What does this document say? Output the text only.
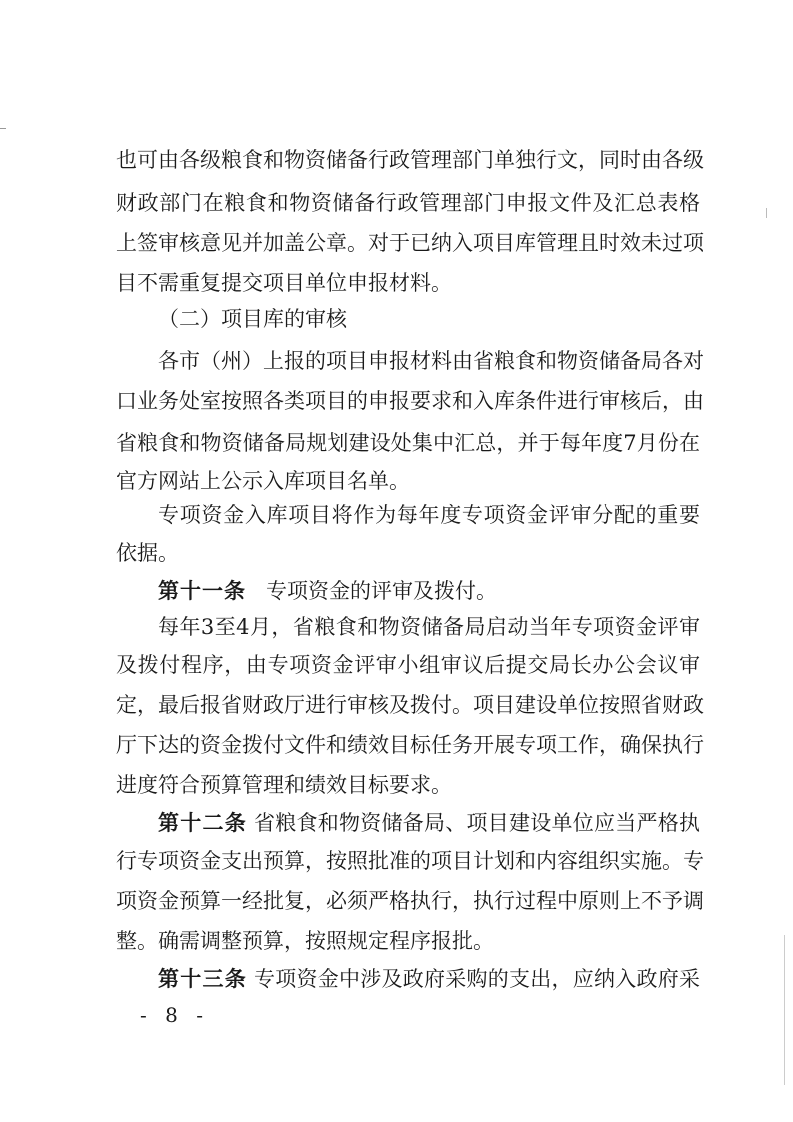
也可由各级粮食和物资储备行政管理部门单独行文，同时由各级
财政部门在粮食和物资储备行政管理部门申报文件及汇总表格
上签审核意见并加盖公章。对于已纳入项目库管理且时效未过项
目不需重复提交项目单位申报材料。
（二）项目库的审核
各市（州）上报的项目申报材料由省粮食和物资储备局各对
口业务处室按照各类项目的申报要求和入库条件进行审核后，由
省粮食和物资储备局规划建设处集中汇总，并于每年度7月份在
官方网站上公示入库项目名单。
专项资金入库项目将作为每年度专项资金评审分配的重要
依据。
第十一条 专项资金的评审及拨付。
每年3至4月，省粮食和物资储备局启动当年专项资金评审
及拨付程序，由专项资金评审小组审议后提交局长办公会议审
定，最后报省财政厅进行审核及拨付。项目建设单位按照省财政
厅下达的资金拨付文件和绩效目标任务开展专项工作，确保执行
进度符合预算管理和绩效目标要求。
第十二条 省粮食和物资储备局、项目建设单位应当严格执
行专项资金支出预算，按照批准的项目计划和内容组织实施。专
项资金预算一经批复，必须严格执行，执行过程中原则上不予调
整。确需调整预算，按照规定程序报批。
第十三条 专项资金中涉及政府采购的支出，应纳入政府采
- 8 -
